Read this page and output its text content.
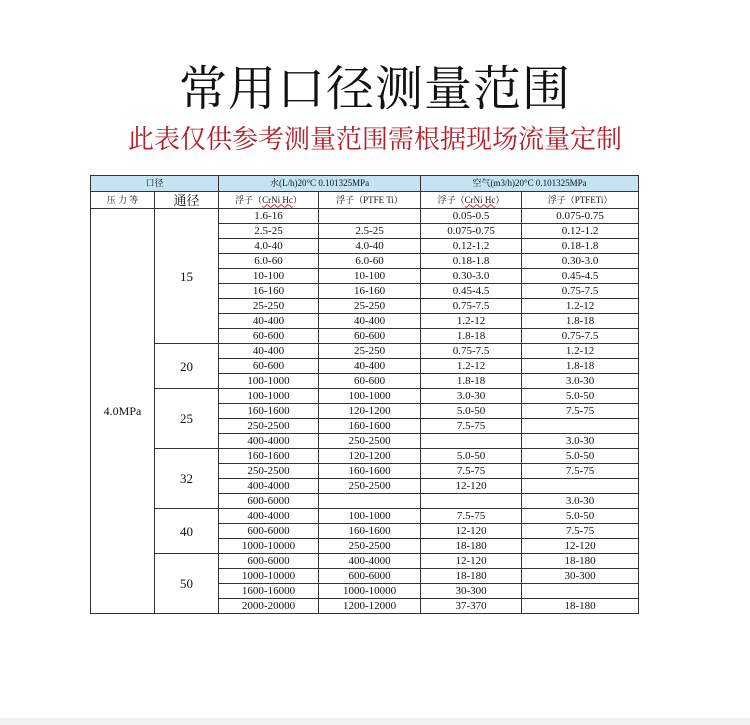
常用口径测量范围
此表仅供参考测量范围需根据现场流量定制
口径		水(L/h)20°C 0.101325MPa		空气(m3/h)20°C 0.101325MPa	
压 力 等	通径	浮子（CrNi Hc）	浮子（PTFE Ti）	浮子（CrNi Hc）	浮子（PTFETi）
4.0MPa	15	1.6-16		0.05-0.5	0.075-0.75
		2.5-25	2.5-25	0.075-0.75	0.12-1.2
		4.0-40	4.0-40	0.12-1.2	0.18-1.8
		6.0-60	6.0-60	0.18-1.8	0.30-3.0
		10-100	10-100	0.30-3.0	0.45-4.5
		16-160	16-160	0.45-4.5	0.75-7.5
		25-250	25-250	0.75-7.5	1.2-12
		40-400	40-400	1.2-12	1.8-18
		60-600	60-600	1.8-18	0.75-7.5
	20	40-400	25-250	0.75-7.5	1.2-12
		60-600	40-400	1.2-12	1.8-18
		100-1000	60-600	1.8-18	3.0-30
	25	100-1000	100-1000	3.0-30	5.0-50
		160-1600	120-1200	5.0-50	7.5-75
		250-2500	160-1600	7.5-75	
		400-4000	250-2500		3.0-30
	32	160-1600	120-1200	5.0-50	5.0-50
		250-2500	160-1600	7.5-75	7.5-75
		400-4000	250-2500	12-120	
		600-6000			3.0-30
	40	400-4000	100-1000	7.5-75	5.0-50
		600-6000	160-1600	12-120	7.5-75
		1000-10000	250-2500	18-180	12-120
	50	600-6000	400-4000	12-120	18-180
		1000-10000	600-6000	18-180	30-300
		1600-16000	1000-10000	30-300	
		2000-20000	1200-12000	37-370	18-180
